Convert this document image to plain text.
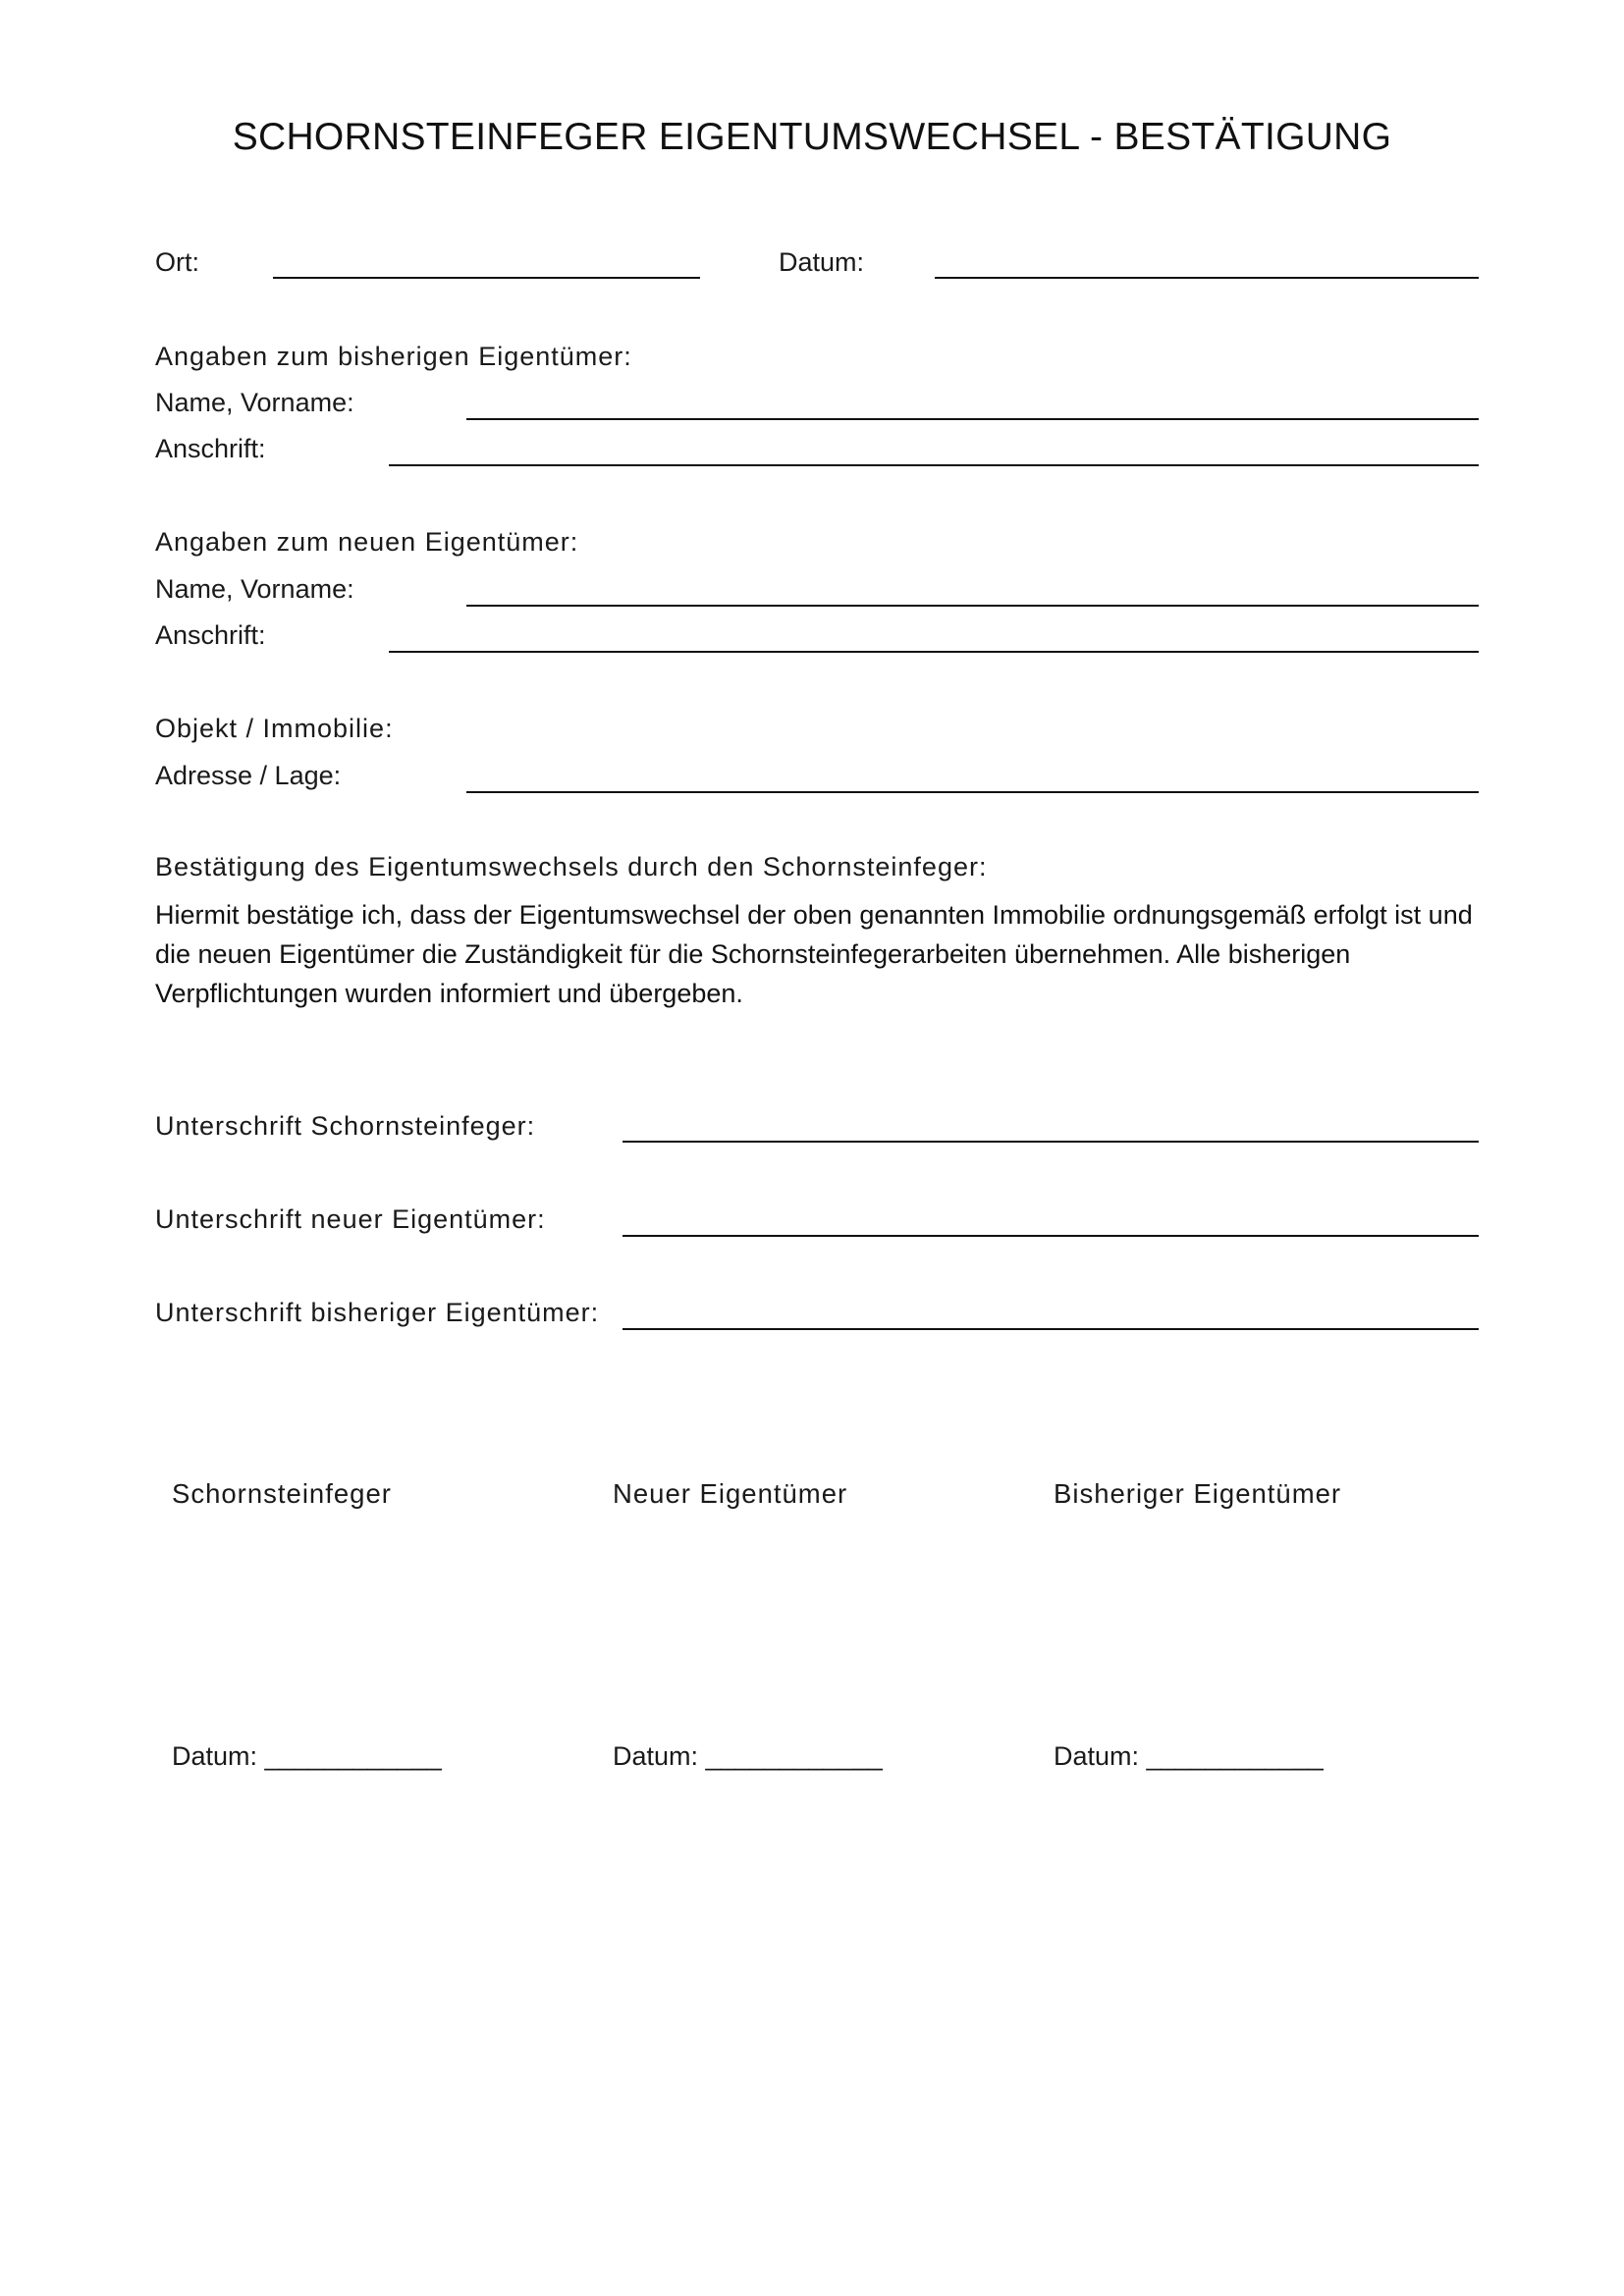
SCHORNSTEINFEGER EIGENTUMSWECHSEL - BESTÄTIGUNG
Ort:	Datum:
Angaben zum bisherigen Eigentümer:
Name, Vorname:
Anschrift:
Angaben zum neuen Eigentümer:
Name, Vorname:
Anschrift:
Objekt / Immobilie:
Adresse / Lage:
Bestätigung des Eigentumswechsels durch den Schornsteinfeger:
Hiermit bestätige ich, dass der Eigentumswechsel der oben genannten Immobilie ordnungsgemäß erfolgt ist und die neuen Eigentümer die Zuständigkeit für die Schornsteinfegerarbeiten übernehmen. Alle bisherigen Verpflichtungen wurden informiert und übergeben.
Unterschrift Schornsteinfeger:
Unterschrift neuer Eigentümer:
Unterschrift bisheriger Eigentümer:
Schornsteinfeger	Neuer Eigentümer	Bisheriger Eigentümer
Datum: ____________	Datum: ____________	Datum: ____________
